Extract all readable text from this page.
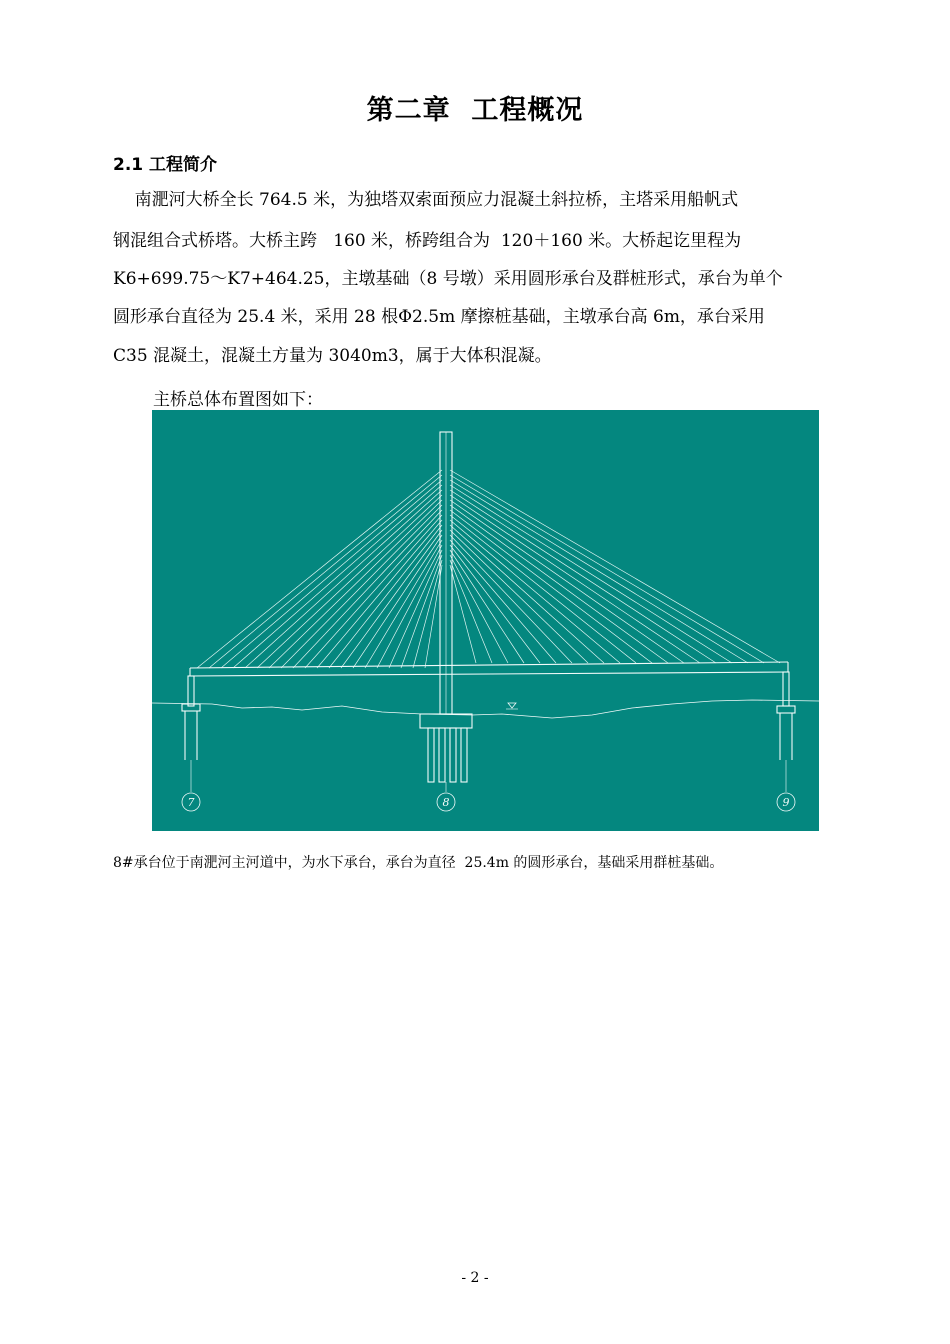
第二章  工程概况
2.1 工程简介
南淝河大桥全长 764.5 米，为独塔双索面预应力混凝土斜拉桥，主塔采用船帆式
钢混组合式桥塔。大桥主跨   160 米，桥跨组合为  120＋160 米。大桥起讫里程为
K6+699.75～K7+464.25，主墩基础（8 号墩）采用圆形承台及群桩形式，承台为单个
圆形承台直径为 25.4 米，采用 28 根Φ2.5m 摩擦桩基础，主墩承台高 6m，承台采用
C35 混凝土，混凝土方量为 3040m3，属于大体积混凝。
主桥总体布置图如下：
7	8	9
8#承台位于南淝河主河道中，为水下承台，承台为直径  25.4m 的圆形承台，基础采用群桩基础。
- 2 -
